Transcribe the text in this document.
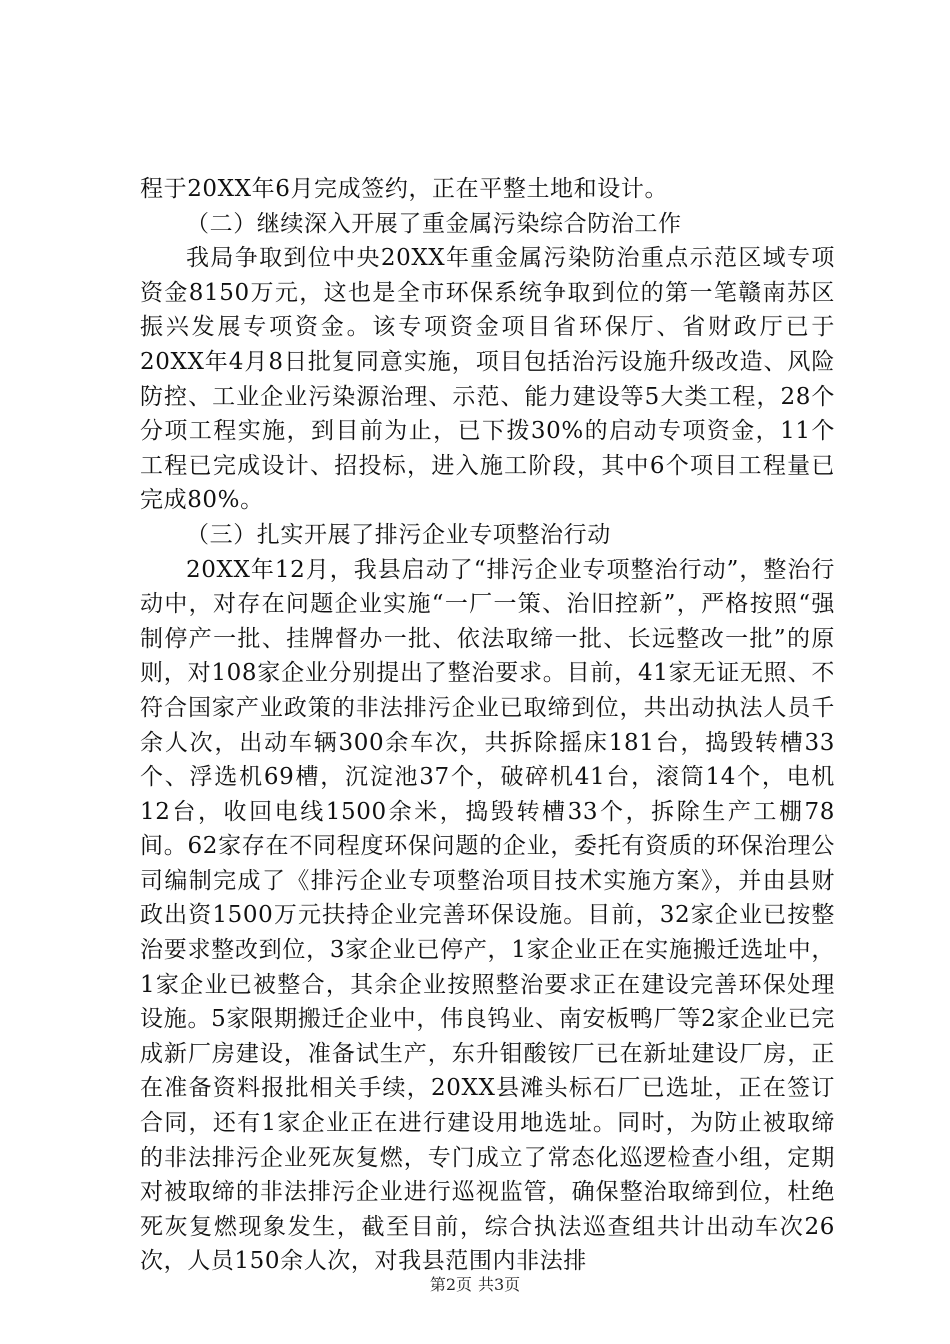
程于20XX年6月完成签约，正在平整土地和设计。

（二）继续深入开展了重金属污染综合防治工作

我局争取到位中央20XX年重金属污染防治重点示范区域专项资金8150万元，这也是全市环保系统争取到位的第一笔赣南苏区振兴发展专项资金。该专项资金项目省环保厅、省财政厅已于20XX年4月8日批复同意实施，项目包括治污设施升级改造、风险防控、工业企业污染源治理、示范、能力建设等5大类工程，28个分项工程实施，到目前为止，已下拨30%的启动专项资金，11个工程已完成设计、招投标，进入施工阶段，其中6个项目工程量已完成80%。

（三）扎实开展了排污企业专项整治行动

20XX年12月，我县启动了“排污企业专项整治行动”，整治行动中，对存在问题企业实施“一厂一策、治旧控新”，严格按照“强制停产一批、挂牌督办一批、依法取缔一批、长远整改一批”的原则，对108家企业分别提出了整治要求。目前，41家无证无照、不符合国家产业政策的非法排污企业已取缔到位，共出动执法人员千余人次，出动车辆300余车次，共拆除摇床181台，捣毁转槽33个、浮选机69槽，沉淀池37个，破碎机41台，滚筒14个，电机12台，收回电线1500余米，捣毁转槽33个，拆除生产工棚78间。62家存在不同程度环保问题的企业，委托有资质的环保治理公司编制完成了《排污企业专项整治项目技术实施方案》，并由县财政出资1500万元扶持企业完善环保设施。目前，32家企业已按整治要求整改到位，3家企业已停产，1家企业正在实施搬迁选址中，1家企业已被整合，其余企业按照整治要求正在建设完善环保处理设施。5家限期搬迁企业中，伟良钨业、南安板鸭厂等2家企业已完成新厂房建设，准备试生产，东升钼酸铵厂已在新址建设厂房，正在准备资料报批相关手续，20XX县滩头标石厂已选址，正在签订合同，还有1家企业正在进行建设用地选址。同时，为防止被取缔的非法排污企业死灰复燃，专门成立了常态化巡逻检查小组，定期对被取缔的非法排污企业进行巡视监管，确保整治取缔到位，杜绝死灰复燃现象发生，截至目前，综合执法巡查组共计出动车次26次，人员150余人次，对我县范围内非法排

第2页 共3页
